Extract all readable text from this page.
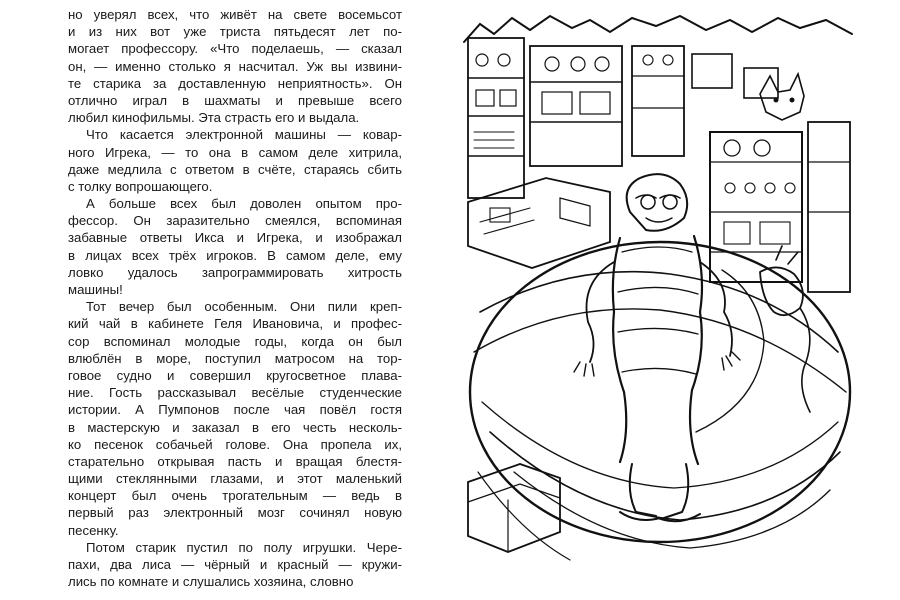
но уверял всех, что живёт на свете восемьсот
и из них вот уже триста пятьдесят лет по-
могает профессору. «Что поделаешь, — сказал
он, — именно столько я насчитал. Уж вы извини-
те старика за доставленную неприятность». Он
отлично играл в шахматы и превыше всего
любил кинофильмы. Эта страсть его и выдала.
Что касается электронной машины — ковар-
ного Игрека, — то она в самом деле хитрила,
даже медлила с ответом в счёте, стараясь сбить
с толку вопрошающего.
А больше всех был доволен опытом про-
фессор. Он заразительно смеялся, вспоминая
забавные ответы Икса и Игрека, и изображал
в лицах всех трёх игроков. В самом деле, ему
ловко удалось запрограммировать хитрость
машины!
Тот вечер был особенным. Они пили креп-
кий чай в кабинете Геля Ивановича, и профес-
сор вспоминал молодые годы, когда он был
влюблён в море, поступил матросом на тор-
говое судно и совершил кругосветное плава-
ние. Гость рассказывал весёлые студенческие
истории. А Пумпонов после чая повёл гостя
в мастерскую и заказал в его честь несколь-
ко песенок собачьей голове. Она пропела их,
старательно открывая пасть и вращая блестя-
щими стеклянными глазами, и этот маленький
концерт был очень трогательным — ведь в
первый раз электронный мозг сочинял новую
песенку.
Потом старик пустил по полу игрушки. Чере-
пахи, два лиса — чёрный и красный — кружи-
лись по комнате и слушались хозяина, словно
